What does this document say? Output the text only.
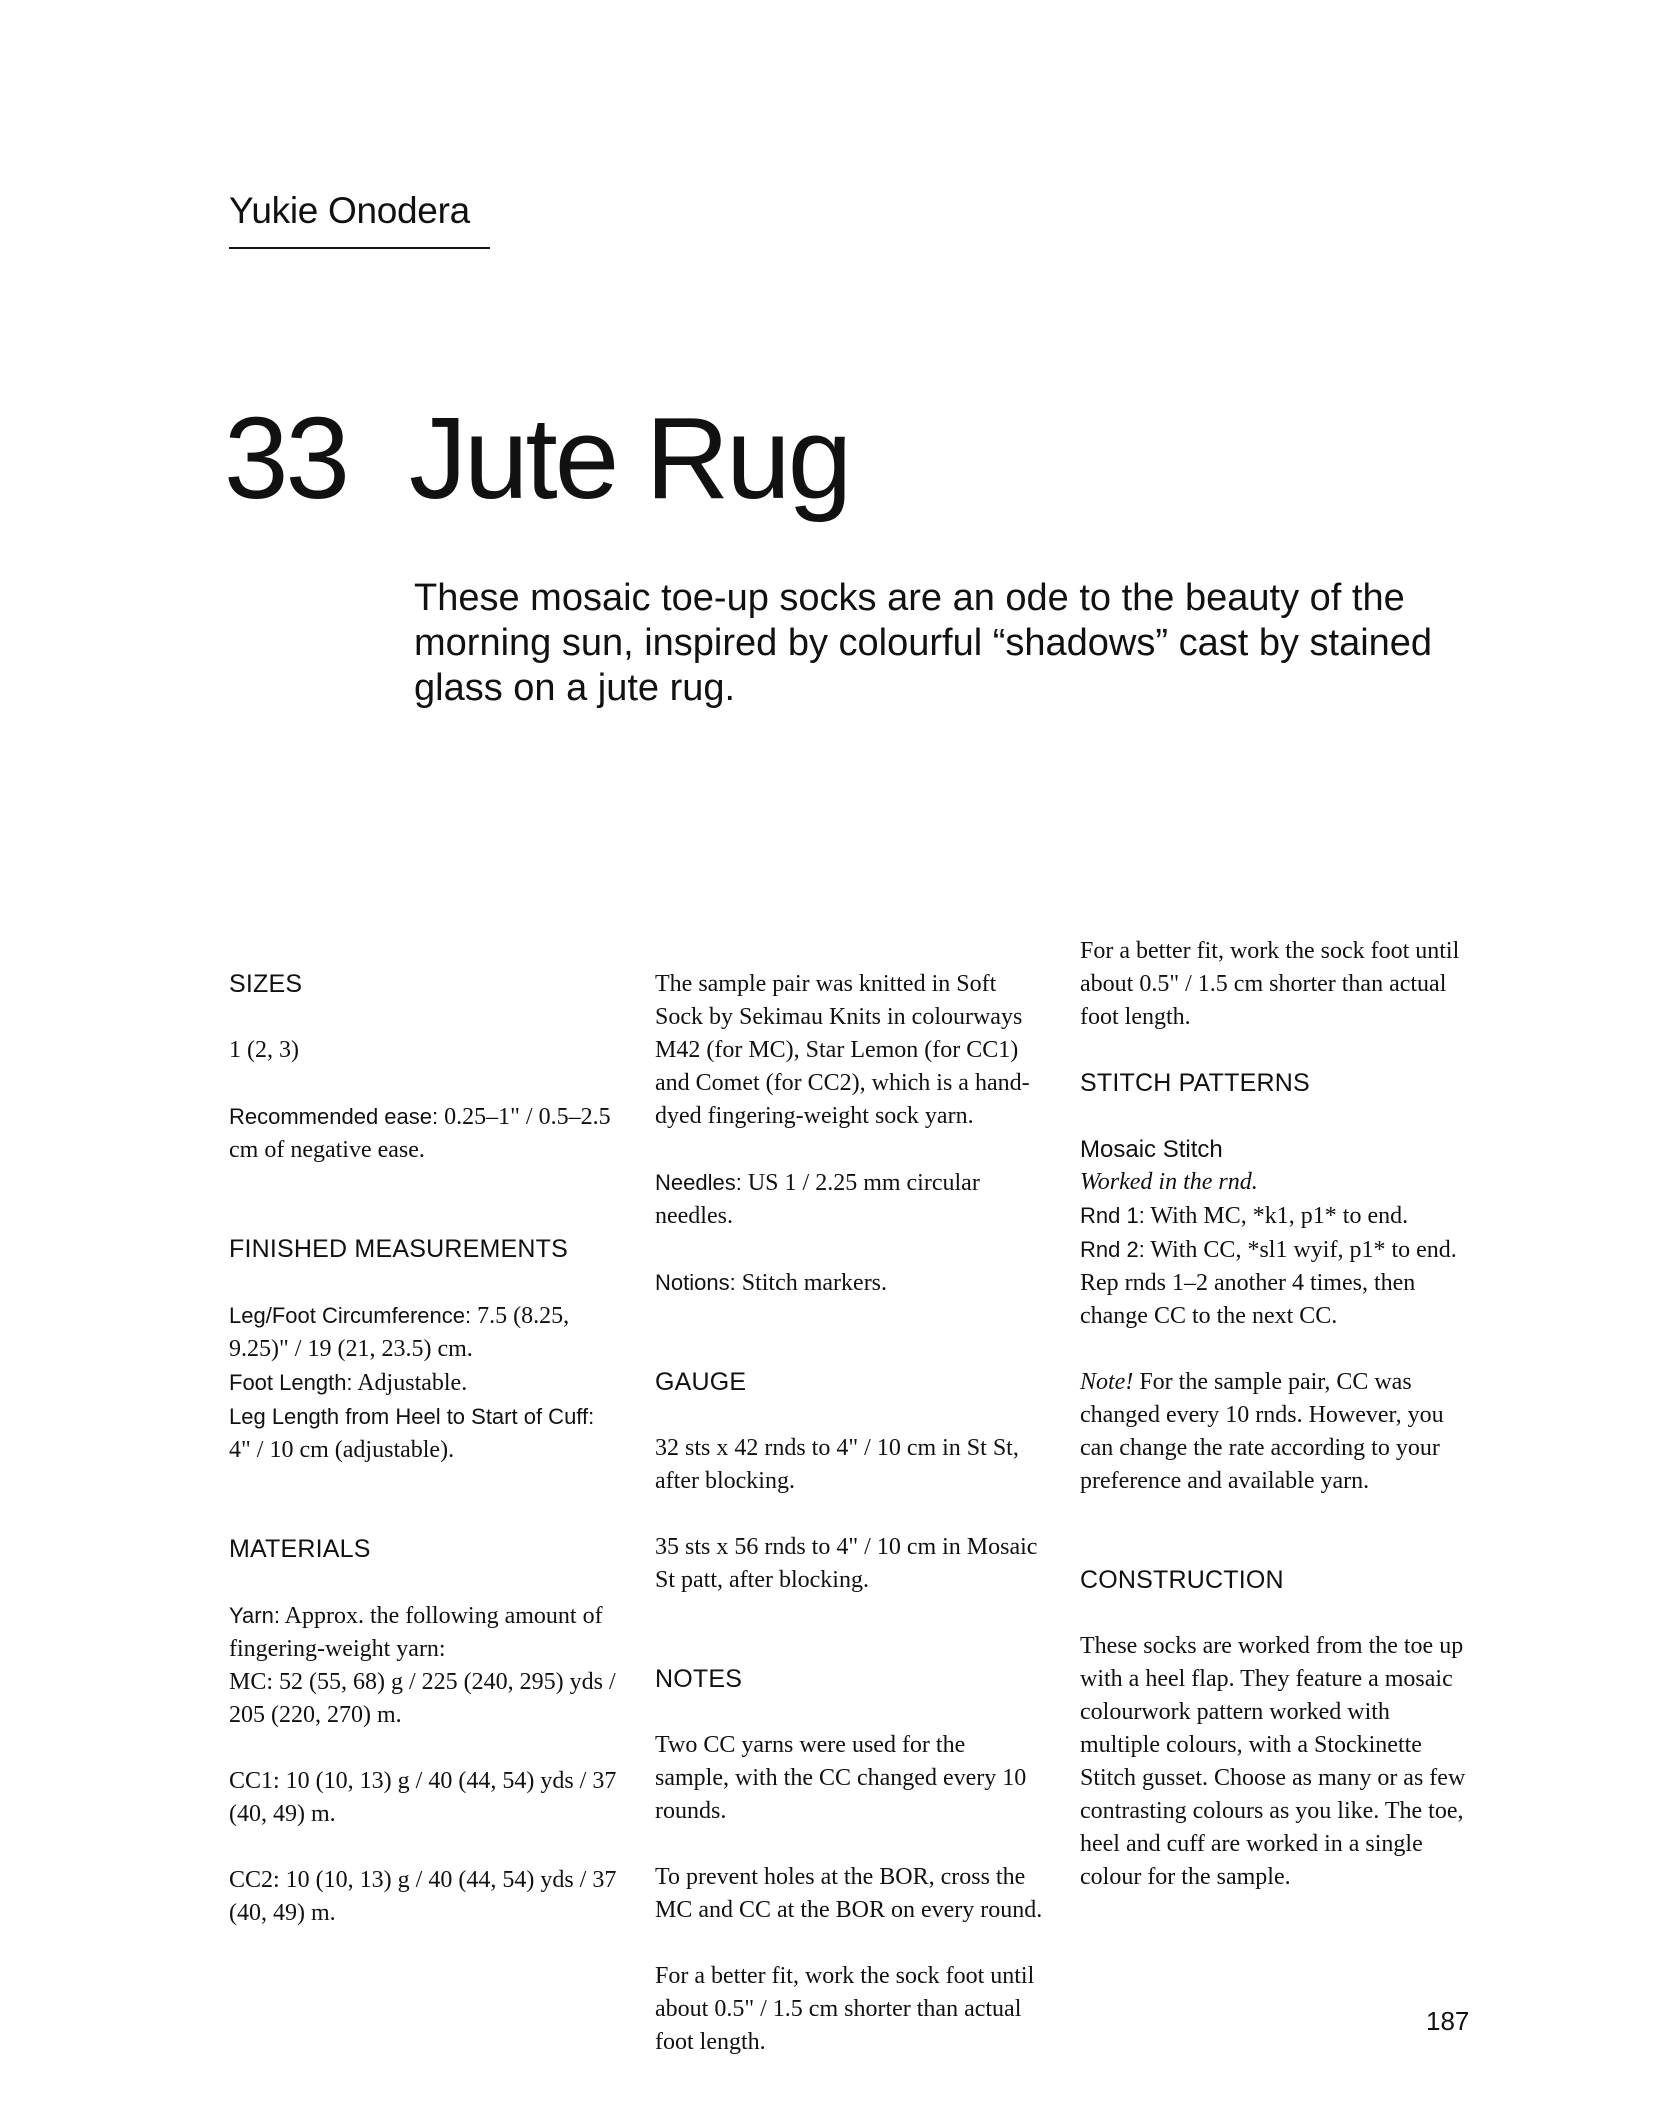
Yukie Onodera
33 Jute Rug

These mosaic toe-up socks are an ode to the beauty of the morning sun, inspired by colourful “shadows” cast by stained glass on a jute rug.

SIZES

1 (2, 3)

Recommended ease: 0.25–1" / 0.5–2.5 cm of negative ease.

FINISHED MEASUREMENTS

Leg/Foot Circumference: 7.5 (8.25, 9.25)" / 19 (21, 23.5) cm.

Foot Length: Adjustable.

Leg Length from Heel to Start of Cuff: 4" / 10 cm (adjustable).

MATERIALS

Yarn: Approx. the following amount of fingering-weight yarn:

MC: 52 (55, 68) g / 225 (240, 295) yds / 205 (220, 270) m.

CC1: 10 (10, 13) g / 40 (44, 54) yds / 37 (40, 49) m.

CC2: 10 (10, 13) g / 40 (44, 54) yds / 37 (40, 49) m.

The sample pair was knitted in Soft Sock by Sekimau Knits in colourways M42 (for MC), Star Lemon (for CC1) and Comet (for CC2), which is a hand-dyed fingering-weight sock yarn.

Needles: US 1 / 2.25 mm circular needles.

Notions: Stitch markers.

GAUGE

32 sts x 42 rnds to 4" / 10 cm in St St, after blocking.

35 sts x 56 rnds to 4" / 10 cm in Mosaic St patt, after blocking.

NOTES

Two CC yarns were used for the sample, with the CC changed every 10 rounds.

To prevent holes at the BOR, cross the MC and CC at the BOR on every round.

For a better fit, work the sock foot until about 0.5" / 1.5 cm shorter than actual foot length.

For a better fit, work the sock foot until about 0.5" / 1.5 cm shorter than actual foot length.

STITCH PATTERNS

Mosaic Stitch

Worked in the rnd.

Rnd 1: With MC, *k1, p1* to end.

Rnd 2: With CC, *sl1 wyif, p1* to end.

Rep rnds 1–2 another 4 times, then change CC to the next CC.

Note! For the sample pair, CC was changed every 10 rnds. However, you can change the rate according to your preference and available yarn.

CONSTRUCTION

These socks are worked from the toe up with a heel flap. They feature a mosaic colourwork pattern worked with multiple colours, with a Stockinette Stitch gusset. Choose as many or as few contrasting colours as you like. The toe, heel and cuff are worked in a single colour for the sample.

187
